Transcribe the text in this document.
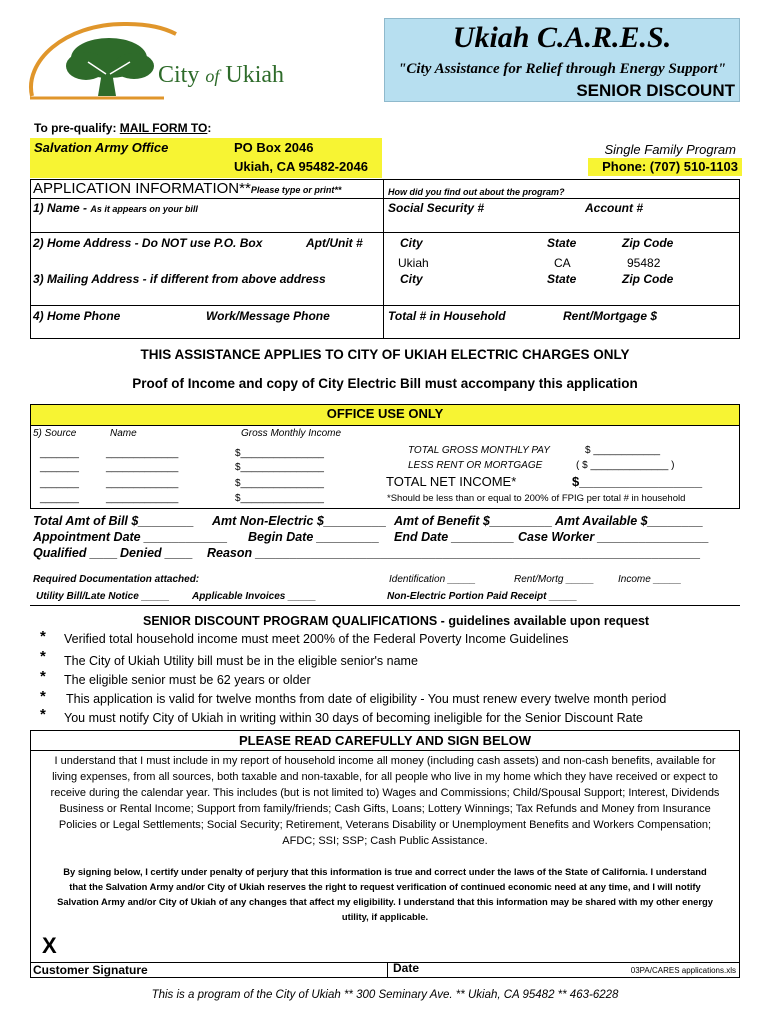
City of Ukiah
Ukiah C.A.R.E.S.
"City Assistance for Relief through Energy Support"
SENIOR DISCOUNT
To pre-qualify: MAIL FORM TO:
Salvation Army Office	PO Box 2046
Ukiah, CA 95482-2046
Single Family Program
Phone: (707) 510-1103
APPLICATION INFORMATION**Please type or print**	How did you find out about the program?
1) Name - As it appears on your bill	Social Security #	Account #
2) Home Address - Do NOT use P.O. Box	Apt/Unit #	City	State	Zip Code
Ukiah	CA	95482
3) Mailing Address - if different from above address	City	State	Zip Code
4) Home Phone	Work/Message Phone	Total # in Household	Rent/Mortgage $
THIS ASSISTANCE APPLIES TO CITY OF UKIAH ELECTRIC CHARGES ONLY
Proof of Income and copy of City Electric Bill must accompany this application
OFFICE USE ONLY
5) Source	Name	Gross Monthly Income
_______	_____________	$_______________
_______	_____________	$_______________
_______	_____________	$_______________
_______	_____________	$_______________
TOTAL GROSS MONTHLY PAY	$ ____________
LESS RENT OR MORTGAGE	( $ ______________ )
TOTAL NET INCOME*	$_________________
*Should be less than or equal to 200% of FPIG per total # in household
Total Amt of Bill $________ Amt Non-Electric $_________ Amt of Benefit $_________ Amt Available $________
Appointment Date ____________ Begin Date _________ End Date _________ Case Worker ________________
Qualified ____ Denied ____ Reason ________________________________________________________________
Required Documentation attached:	Identification _____	Rent/Mortg _____ Income _____
Utility Bill/Late Notice _____ Applicable Invoices _____	Non-Electric Portion Paid Receipt _____
SENIOR DISCOUNT PROGRAM QUALIFICATIONS - guidelines available upon request
* Verified total household income must meet 200% of the Federal Poverty Income Guidelines
* The City of Ukiah Utility bill must be in the eligible senior's name
* The eligible senior must be 62 years or older
* This application is valid for twelve months from date of eligibility - You must renew every twelve month period
* You must notify City of Ukiah in writing within 30 days of becoming ineligible for the Senior Discount Rate
PLEASE READ CAREFULLY AND SIGN BELOW
I understand that I must include in my report of household income all money (including cash assets) and non-cash benefits, available for
living expenses, from all sources, both taxable and non-taxable, for all people who live in my home which they have received or expect to
receive during the calendar year. This includes (but is not limited to) Wages and Commissions; Child/Spousal Support; Interest, Dividends
Business or Rental Income; Support from family/friends; Cash Gifts, Loans; Lottery Winnings; Tax Refunds and Money from Insurance
Policies or Legal Settlements; Social Security; Retirement, Veterans Disability or Unemployment Benefits and Workers Compensation;
AFDC; SSI; SSP; Cash Public Assistance.
By signing below, I certify under penalty of perjury that this information is true and correct under the laws of the State of California. I understand
that the Salvation Army and/or City of Ukiah reserves the right to request verification of continued economic need at any time, and I will notify
Salvation Army and/or City of Ukiah of any changes that affect my eligibility. I understand that this information may be shared with my other energy
utility, if applicable.
X
Customer Signature	Date	03PA/CARES applications.xls
This is a program of the City of Ukiah ** 300 Seminary Ave. ** Ukiah, CA 95482 ** 463-6228
